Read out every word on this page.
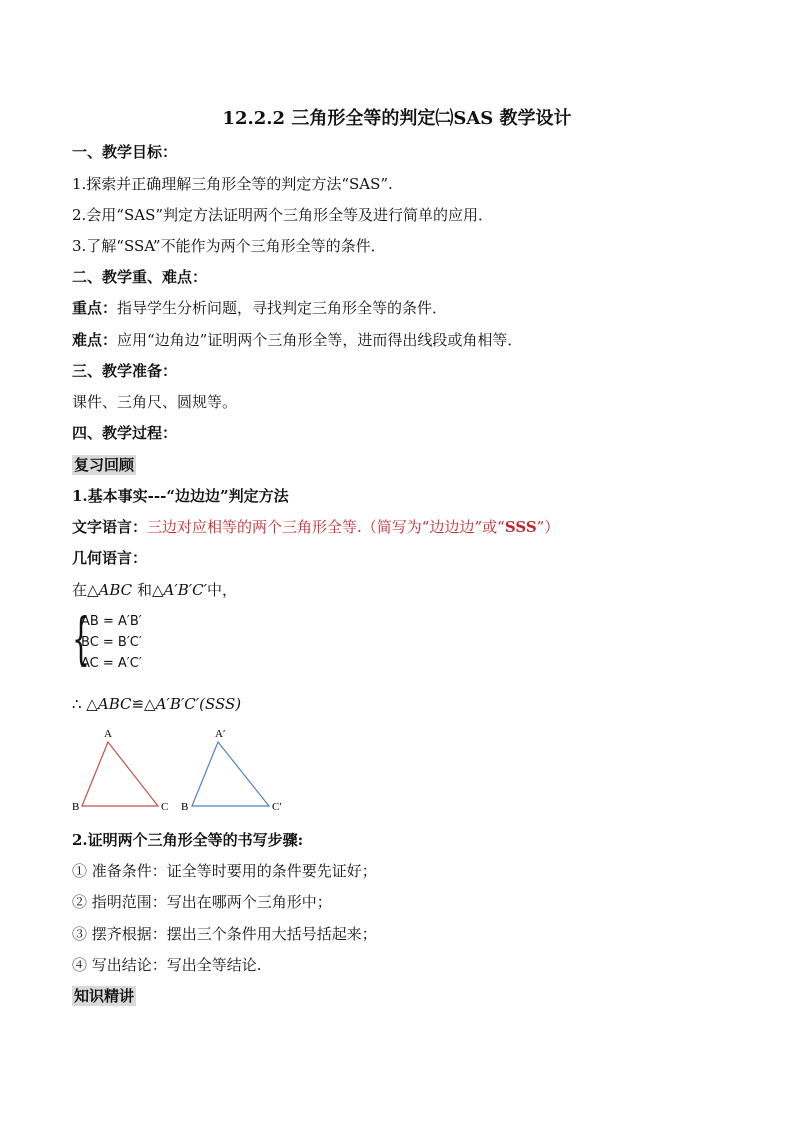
12.2.2 三角形全等的判定㈡SAS 教学设计
一、教学目标：
1.探索并正确理解三角形全等的判定方法“SAS”.
2.会用“SAS”判定方法证明两个三角形全等及进行简单的应用．
3.了解“SSA”不能作为两个三角形全等的条件．
二、教学重、难点：
重点：指导学生分析问题，寻找判定三角形全等的条件．
难点：应用“边角边”证明两个三角形全等，进而得出线段或角相等．
三、教学准备：
课件、三角尺、圆规等。
四、教学过程：
复习回顾
1.基本事实---“边边边”判定方法
文字语言：三边对应相等的两个三角形全等.（简写为“边边边”或“SSS”）
几何语言：
在△ABC 和△A′B′C′中，
{
AB = A′B′
BC = B′C′
AC = A′C′
∴ △ABC≌△A′B′C′(SSS)
A
B	C
A′
B	C′
2.证明两个三角形全等的书写步骤:
① 准备条件：证全等时要用的条件要先证好；
② 指明范围：写出在哪两个三角形中；
③ 摆齐根据：摆出三个条件用大括号括起来；
④ 写出结论：写出全等结论.
知识精讲
